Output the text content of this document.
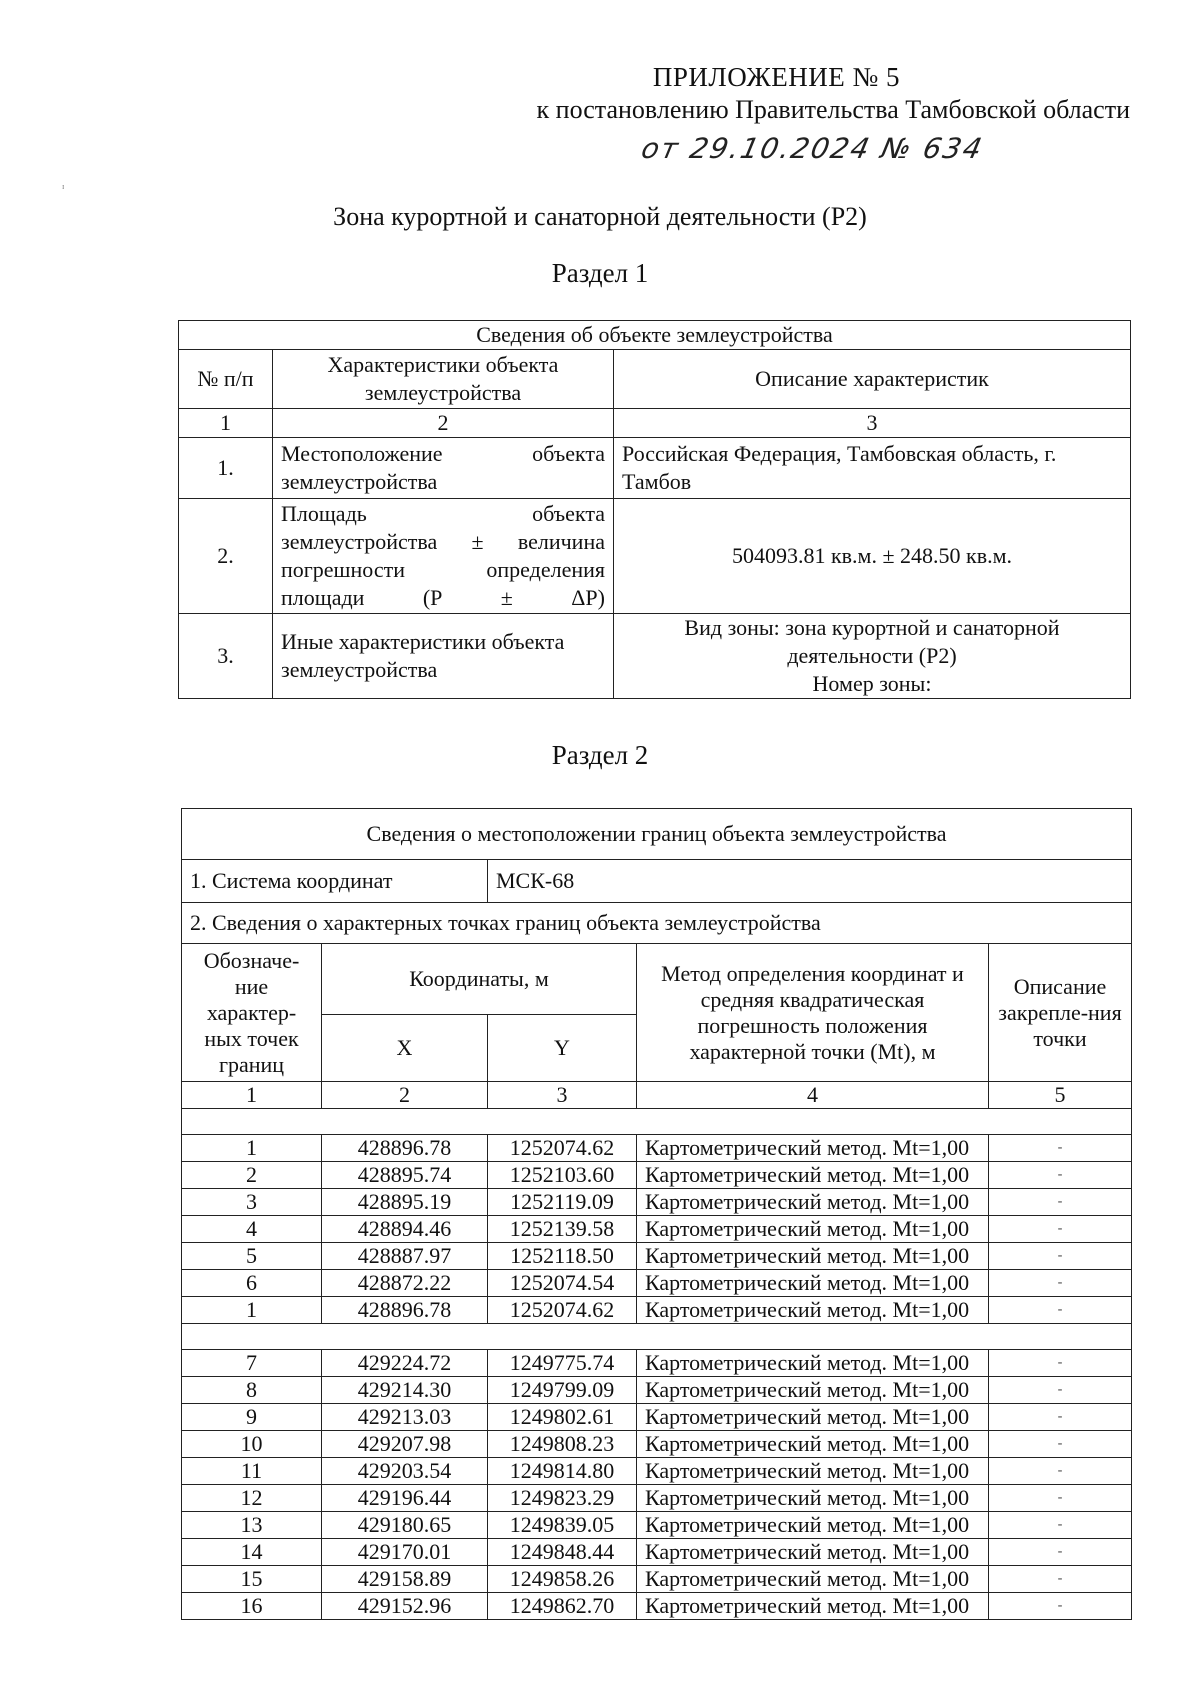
ПРИЛОЖЕНИЕ № 5
к постановлению Правительства Тамбовской области
от 29.10.2024 № 634
ᶦ
Зона курортной и санаторной деятельности (Р2)
Раздел 1
Сведения об объекте землеустройства		
№ п/п	Характеристики объекта землеустройства	Описание характеристик
1	2	3
1.	Местоположение объекта землеустройства	Российская Федерация, Тамбовская область, г. Тамбов
2.	Площадь объекта землеустройства ± величина погрешности определения площади (Р ± ΔР)	504093.81 кв.м. ± 248.50 кв.м.
3.	Иные характеристики объекта землеустройства	Вид зоны: зона курортной и санаторной деятельности (Р2)
Номер зоны:
Раздел 2
Сведения о местоположении границ объекта землеустройства				
1. Система координат		МСК-68		
2. Сведения о характерных точках границ объекта землеустройства				
Обозначе-ние характер-ных точек границ	Координаты, м		Метод определения координат и средняя квадратическая погрешность положения характерной точки (Mt), м	Описание закрепле-ния точки
	X	Y		
1	2	3	4	5

1	428896.78	1252074.62	Картометрический метод. Mt=1,00	-
2	428895.74	1252103.60	Картометрический метод. Mt=1,00	-
3	428895.19	1252119.09	Картометрический метод. Mt=1,00	-
4	428894.46	1252139.58	Картометрический метод. Mt=1,00	-
5	428887.97	1252118.50	Картометрический метод. Mt=1,00	-
6	428872.22	1252074.54	Картометрический метод. Mt=1,00	-
1	428896.78	1252074.62	Картометрический метод. Mt=1,00	-

7	429224.72	1249775.74	Картометрический метод. Mt=1,00	-
8	429214.30	1249799.09	Картометрический метод. Mt=1,00	-
9	429213.03	1249802.61	Картометрический метод. Mt=1,00	-
10	429207.98	1249808.23	Картометрический метод. Mt=1,00	-
11	429203.54	1249814.80	Картометрический метод. Mt=1,00	-
12	429196.44	1249823.29	Картометрический метод. Mt=1,00	-
13	429180.65	1249839.05	Картометрический метод. Mt=1,00	-
14	429170.01	1249848.44	Картометрический метод. Mt=1,00	-
15	429158.89	1249858.26	Картометрический метод. Mt=1,00	-
16	429152.96	1249862.70	Картометрический метод. Mt=1,00	-
